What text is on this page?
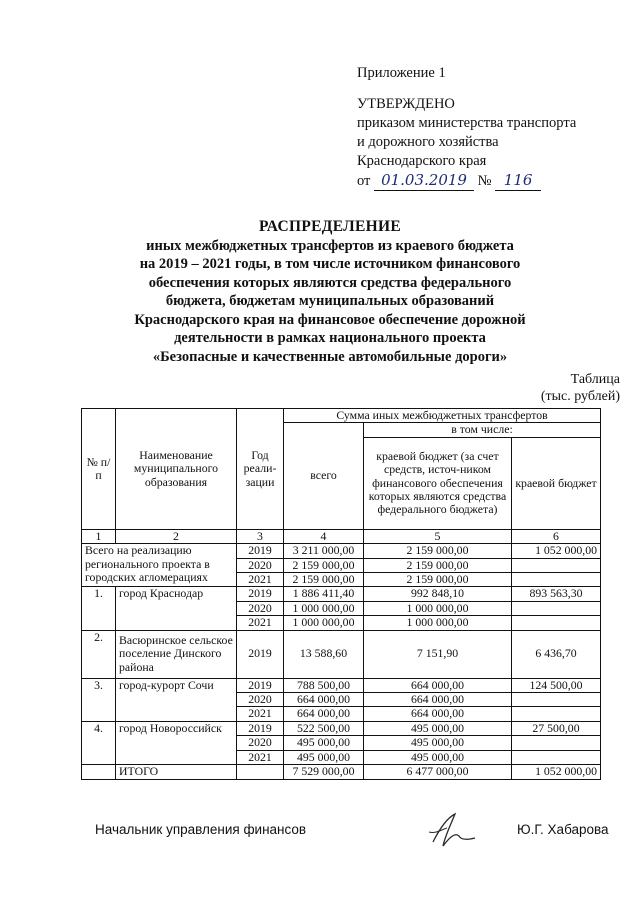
Приложение 1
УТВЕРЖДЕНО
приказом министерства транспорта
и дорожного хозяйства
Краснодарского края
от 01.03.2019 № 116
РАСПРЕДЕЛЕНИЕ
иных межбюджетных трансфертов из краевого бюджета
на 2019 – 2021 годы, в том числе источником финансового
обеспечения которых являются средства федерального
бюджета, бюджетам муниципальных образований
Краснодарского края на финансовое обеспечение дорожной
деятельности в рамках национального проекта
«Безопасные и качественные автомобильные дороги»
Таблица
(тыс. рублей)
№ п/п	Наименование муниципального образования	Год реали-зации	Сумма иных межбюджетных трансфертов		
			всего	в том числе:	
				краевой бюджет (за счет средств, источ-ником финансового обеспечения которых являются средства федерального бюджета)	краевой бюджет
1	2	3	4	5	6
Всего на реализацию регионального проекта в городских агломерациях		2019	3 211 000,00	2 159 000,00	1 052 000,00
		2020	2 159 000,00	2 159 000,00	
		2021	2 159 000,00	2 159 000,00	
1.	город Краснодар	2019	1 886 411,40	992 848,10	893 563,30
		2020	1 000 000,00	1 000 000,00	
		2021	1 000 000,00	1 000 000,00	
2.	Васюринское сельское поселение Динского района	2019	13 588,60	7 151,90	6 436,70
3.	город-курорт Сочи	2019	788 500,00	664 000,00	124 500,00
		2020	664 000,00	664 000,00	
		2021	664 000,00	664 000,00	
4.	город Новороссийск	2019	522 500,00	495 000,00	27 500,00
		2020	495 000,00	495 000,00	
		2021	495 000,00	495 000,00	
	ИТОГО		7 529 000,00	6 477 000,00	1 052 000,00
Начальник управления финансов	Ю.Г. Хабарова
